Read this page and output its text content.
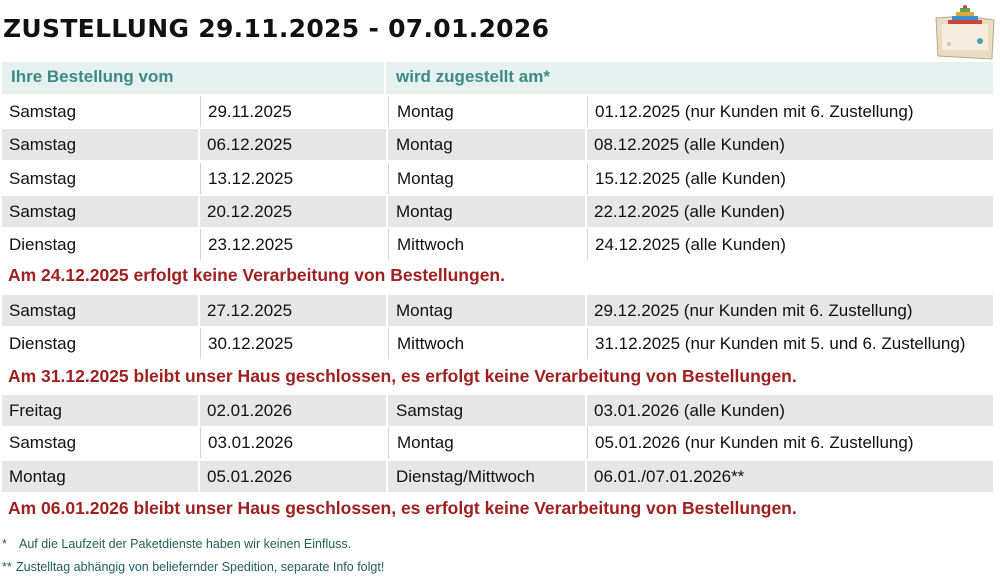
ZUSTELLUNG 29.11.2025 - 07.01.2026
Ihre Bestellung vom	wird zugestellt am*
Samstag	29.11.2025	Montag	01.12.2025 (nur Kunden mit 6. Zustellung)
Samstag	06.12.2025	Montag	08.12.2025 (alle Kunden)
Samstag	13.12.2025	Montag	15.12.2025 (alle Kunden)
Samstag	20.12.2025	Montag	22.12.2025 (alle Kunden)
Dienstag	23.12.2025	Mittwoch	24.12.2025 (alle Kunden)
Am 24.12.2025 erfolgt keine Verarbeitung von Bestellungen.
Samstag	27.12.2025	Montag	29.12.2025 (nur Kunden mit 6. Zustellung)
Dienstag	30.12.2025	Mittwoch	31.12.2025 (nur Kunden mit 5. und 6. Zustellung)
Am 31.12.2025 bleibt unser Haus geschlossen, es erfolgt keine Verarbeitung von Bestellungen.
Freitag	02.01.2026	Samstag	03.01.2026 (alle Kunden)
Samstag	03.01.2026	Montag	05.01.2026 (nur Kunden mit 6. Zustellung)
Montag	05.01.2026	Dienstag/Mittwoch	06.01./07.01.2026**
Am 06.01.2026 bleibt unser Haus geschlossen, es erfolgt keine Verarbeitung von Bestellungen.
* Auf die Laufzeit der Paketdienste haben wir keinen Einfluss.
** Zustelltag abhängig von beliefernder Spedition, separate Info folgt!
